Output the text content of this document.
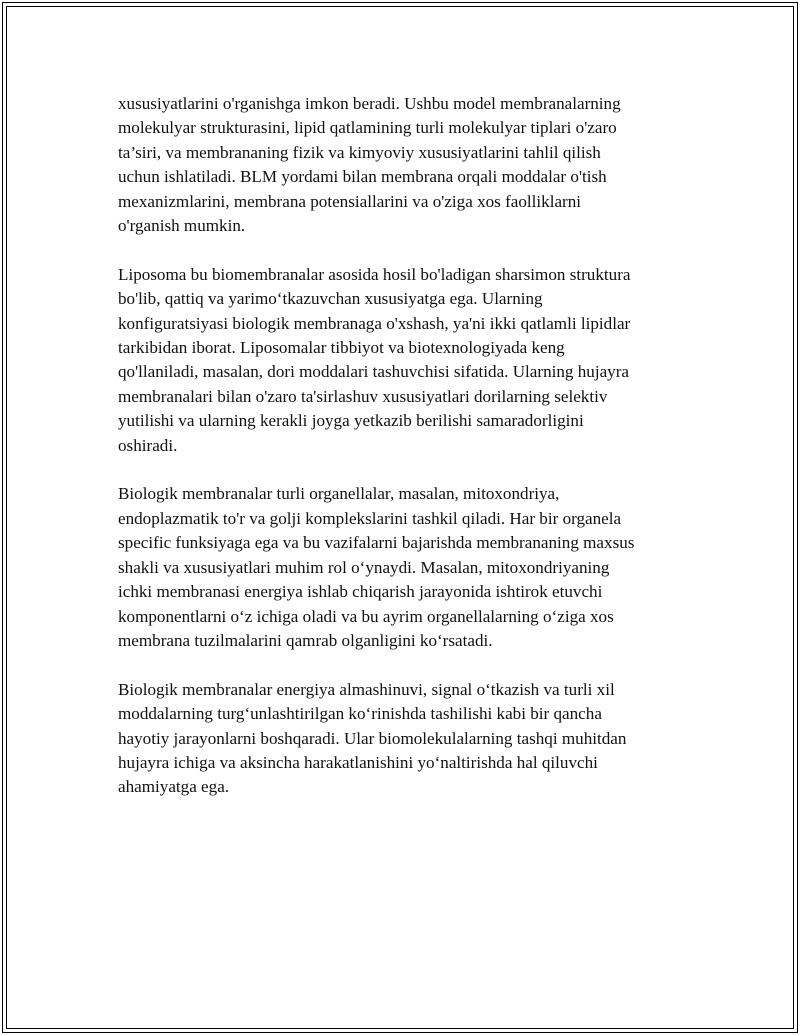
xususiyatlarini o'rganishga imkon beradi. Ushbu model membranalarning
molekulyar strukturasini, lipid qatlamining turli molekulyar tiplari o'zaro
ta’siri, va membrananing fizik va kimyoviy xususiyatlarini tahlil qilish
uchun ishlatiladi. BLM yordami bilan membrana orqali moddalar o'tish
mexanizmlarini, membrana potensiallarini va o'ziga xos faolliklarni
o'rganish mumkin.

Liposoma bu biomembranalar asosida hosil bo'ladigan sharsimon struktura
bo'lib, qattiq va yarimo‘tkazuvchan xususiyatga ega. Ularning
konfiguratsiyasi biologik membranaga o'xshash, ya'ni ikki qatlamli lipidlar
tarkibidan iborat. Liposomalar tibbiyot va biotexnologiyada keng
qo'llaniladi, masalan, dori moddalari tashuvchisi sifatida. Ularning hujayra
membranalari bilan o'zaro ta'sirlashuv xususiyatlari dorilarning selektiv
yutilishi va ularning kerakli joyga yetkazib berilishi samaradorligini
oshiradi.

Biologik membranalar turli organellalar, masalan, mitoxondriya,
endoplazmatik to'r va golji komplekslarini tashkil qiladi. Har bir organela
specific funksiyaga ega va bu vazifalarni bajarishda membrananing maxsus
shakli va xususiyatlari muhim rol o‘ynaydi. Masalan, mitoxondriyaning
ichki membranasi energiya ishlab chiqarish jarayonida ishtirok etuvchi
komponentlarni o‘z ichiga oladi va bu ayrim organellalarning o‘ziga xos
membrana tuzilmalarini qamrab olganligini ko‘rsatadi.

Biologik membranalar energiya almashinuvi, signal o‘tkazish va turli xil
moddalarning turg‘unlashtirilgan ko‘rinishda tashilishi kabi bir qancha
hayotiy jarayonlarni boshqaradi. Ular biomolekulalarning tashqi muhitdan
hujayra ichiga va aksincha harakatlanishini yo‘naltirishda hal qiluvchi
ahamiyatga ega.
